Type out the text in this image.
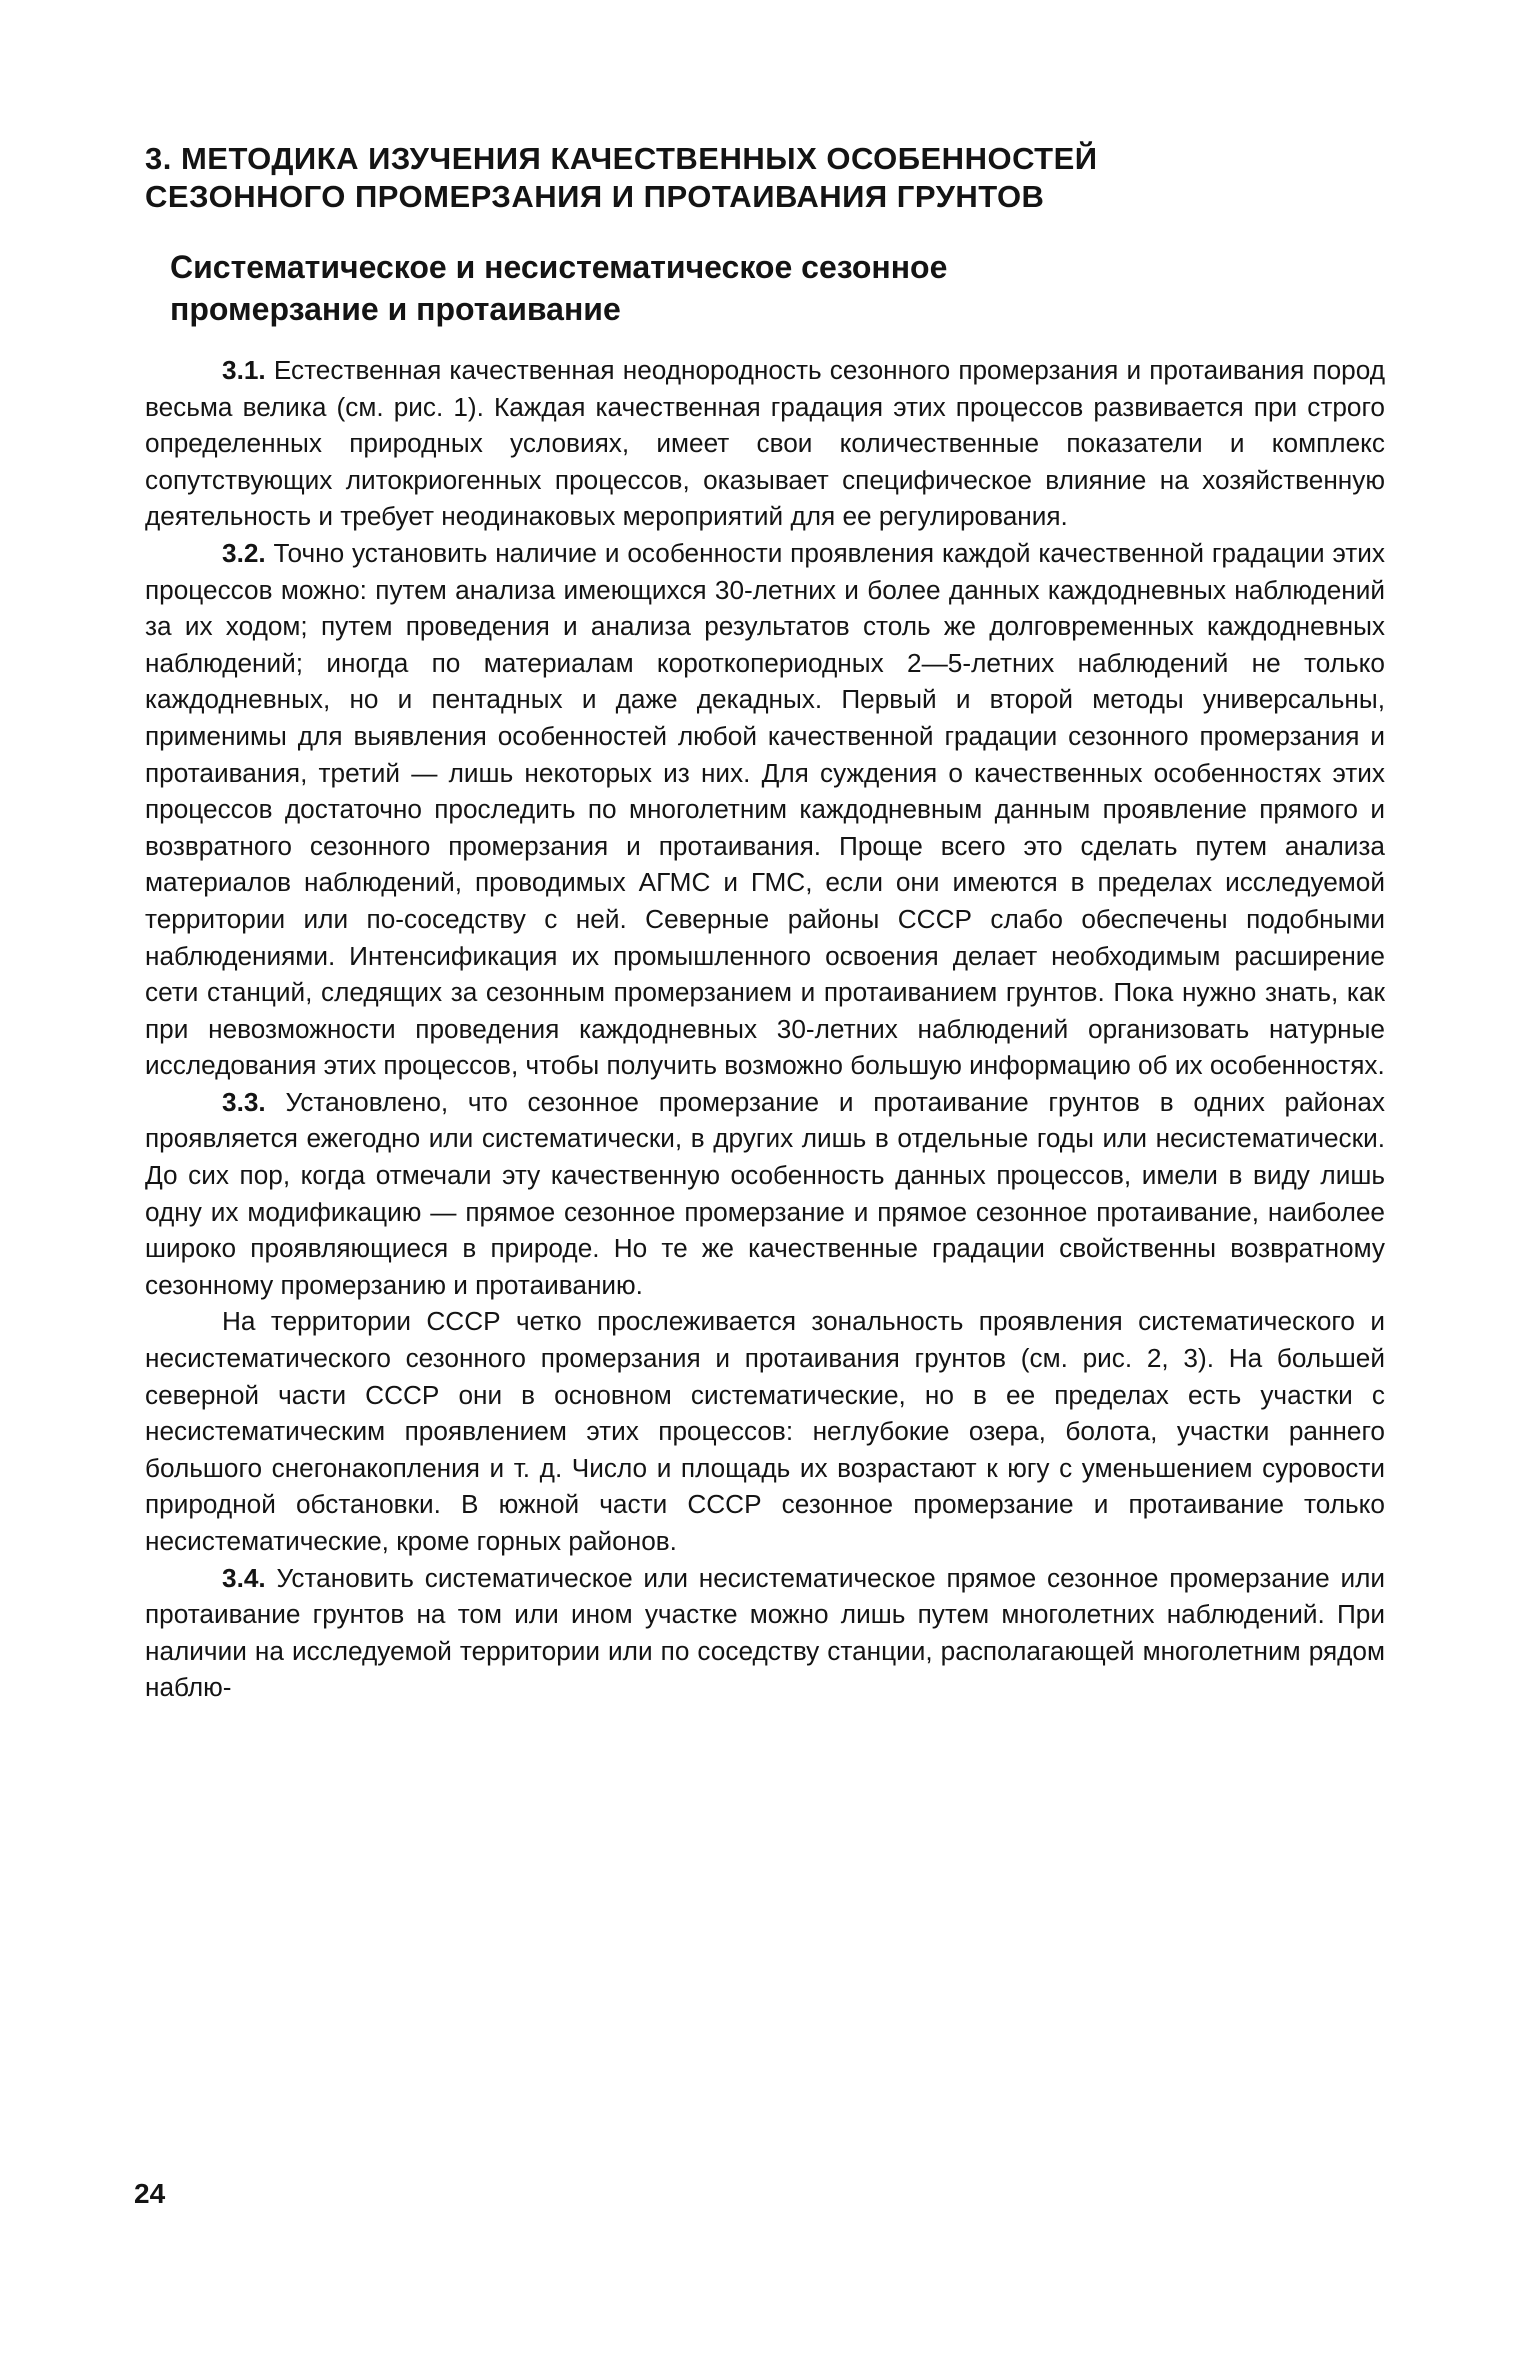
3. МЕТОДИКА ИЗУЧЕНИЯ КАЧЕСТВЕННЫХ ОСОБЕННОСТЕЙ
СЕЗОННОГО ПРОМЕРЗАНИЯ И ПРОТАИВАНИЯ ГРУНТОВ
Систематическое и несистематическое сезонное
промерзание и протаивание

3.1. Естественная качественная неоднородность сезонного промерзания и протаивания пород весьма велика (см. рис. 1). Каждая качественная градация этих процессов развивается при строго определенных природных условиях, имеет свои количественные показатели и комплекс сопутствующих литокриогенных процессов, оказывает специфическое влияние на хозяйственную деятельность и требует неодинаковых мероприятий для ее регулирования.

3.2. Точно установить наличие и особенности проявления каждой качественной градации этих процессов можно: путем анализа имеющихся 30-летних и более данных каждодневных наблюдений за их ходом; путем проведения и анализа результатов столь же долговременных каждодневных наблюдений; иногда по материалам короткопериодных 2—5-летних наблюдений не только каждодневных, но и пентадных и даже декадных. Первый и второй методы универсальны, применимы для выявления особенностей любой качественной градации сезонного промерзания и протаивания, третий — лишь некоторых из них. Для суждения о качественных особенностях этих процессов достаточно проследить по многолетним каждодневным данным проявление прямого и возвратного сезонного промерзания и протаивания. Проще всего это сделать путем анализа материалов наблюдений, проводимых АГМС и ГМС, если они имеются в пределах исследуемой территории или по-соседству с ней. Северные районы СССР слабо обеспечены подобными наблюдениями. Интенсификация их промышленного освоения делает необходимым расширение сети станций, следящих за сезонным промерзанием и протаиванием грунтов. Пока нужно знать, как при невозможности проведения каждодневных 30-летних наблюдений организовать натурные исследования этих процессов, чтобы получить возможно большую информацию об их особенностях.

3.3. Установлено, что сезонное промерзание и протаивание грунтов в одних районах проявляется ежегодно или систематически, в других лишь в отдельные годы или несистематически. До сих пор, когда отмечали эту качественную особенность данных процессов, имели в виду лишь одну их модификацию — прямое сезонное промерзание и прямое сезонное протаивание, наиболее широко проявляющиеся в природе. Но те же качественные градации свойственны возвратному сезонному промерзанию и протаиванию.

На территории СССР четко прослеживается зональность проявления систематического и несистематического сезонного промерзания и протаивания грунтов (см. рис. 2, 3). На большей северной части СССР они в основном систематические, но в ее пределах есть участки с несистематическим проявлением этих процессов: неглубокие озера, болота, участки раннего большого снегонакопления и т. д. Число и площадь их возрастают к югу с уменьшением суровости природной обстановки. В южной части СССР сезонное промерзание и протаивание только несистематические, кроме горных районов.

3.4. Установить систематическое или несистематическое прямое сезонное промерзание или протаивание грунтов на том или ином участке можно лишь путем многолетних наблюдений. При наличии на исследуемой территории или по соседству станции, располагающей многолетним рядом наблю-

24
